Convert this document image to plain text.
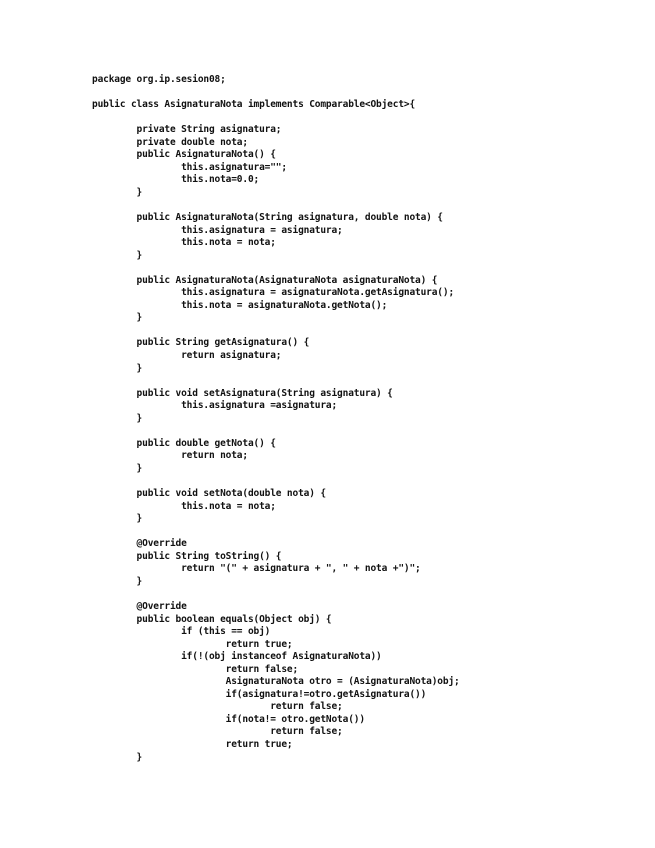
package org.ip.sesion08;
public class AsignaturaNota implements Comparable<Object>{
private String asignatura;
private double nota;
public AsignaturaNota() {
this.asignatura="";
this.nota=0.0;
}
public AsignaturaNota(String asignatura, double nota) {
this.asignatura = asignatura;
this.nota = nota;
}
public AsignaturaNota(AsignaturaNota asignaturaNota) {
this.asignatura = asignaturaNota.getAsignatura();
this.nota = asignaturaNota.getNota();
}
public String getAsignatura() {
return asignatura;
}
public void setAsignatura(String asignatura) {
this.asignatura =asignatura;
}
public double getNota() {
return nota;
}
public void setNota(double nota) {
this.nota = nota;
}
@Override
public String toString() {
return "(" + asignatura + ", " + nota +")";
}
@Override
public boolean equals(Object obj) {
if (this == obj)
return true;
if(!(obj instanceof AsignaturaNota))
return false;
AsignaturaNota otro = (AsignaturaNota)obj;
if(asignatura!=otro.getAsignatura())
return false;
if(nota!= otro.getNota())
return false;
return true;
}
